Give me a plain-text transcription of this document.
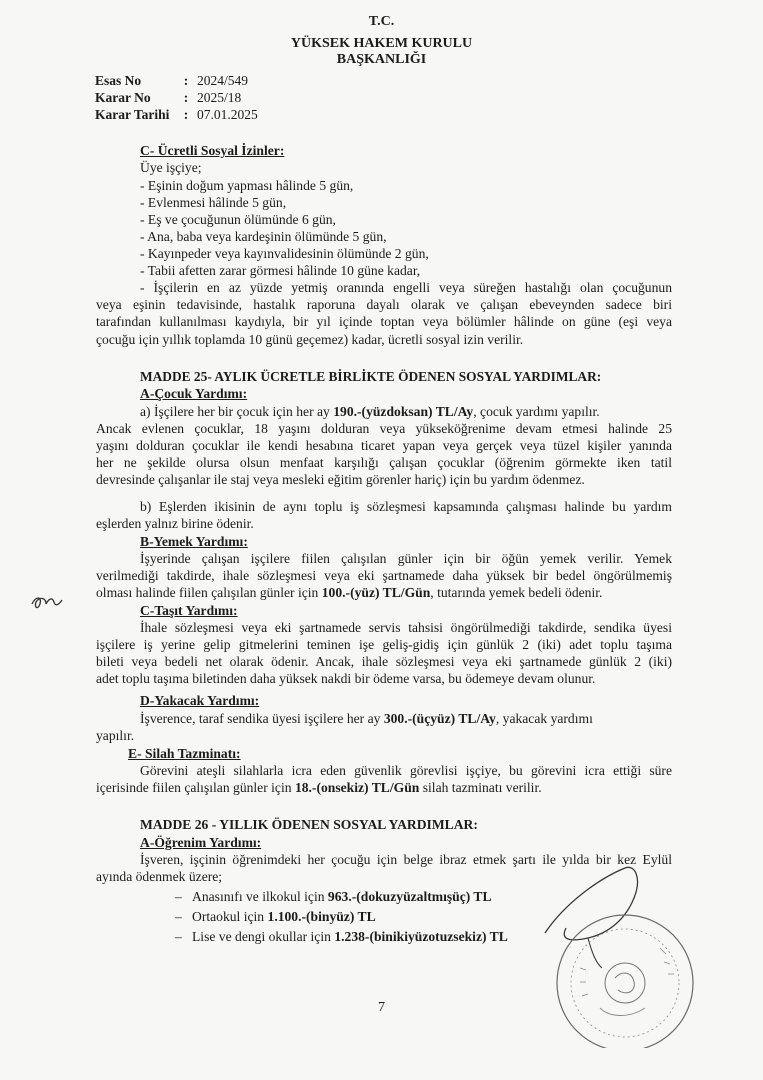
T.C.
YÜKSEK HAKEM KURULU
BAŞKANLIĞI
Esas No	: 2024/549
Karar No : 2025/18
Karar Tarihi : 07.01.2025
C- Ücretli Sosyal İzinler:
Üye işçiye;
- Eşinin doğum yapması hâlinde 5 gün,
- Evlenmesi hâlinde 5 gün,
- Eş ve çocuğunun ölümünde 6 gün,
- Ana, baba veya kardeşinin ölümünde 5 gün,
- Kayınpeder veya kayınvalidesinin ölümünde 2 gün,
- Tabii afetten zarar görmesi hâlinde 10 güne kadar,
- İşçilerin en az yüzde yetmiş oranında engelli veya süreğen hastalığı olan çocuğunun
veya eşinin tedavisinde, hastalık raporuna dayalı olarak ve çalışan ebeveynden sadece biri
tarafından kullanılması kaydıyla, bir yıl içinde toptan veya bölümler hâlinde on güne (eşi veya
çocuğu için yıllık toplamda 10 günü geçemez) kadar, ücretli sosyal izin verilir.
MADDE 25- AYLIK ÜCRETLE BİRLİKTE ÖDENEN SOSYAL YARDIMLAR:
A-Çocuk Yardımı:
a) İşçilere her bir çocuk için her ay 190.-(yüzdoksan) TL/Ay, çocuk yardımı yapılır.
Ancak evlenen çocuklar, 18 yaşını dolduran veya yükseköğrenime devam etmesi halinde 25
yaşını dolduran çocuklar ile kendi hesabına ticaret yapan veya gerçek veya tüzel kişiler yanında
her ne şekilde olursa olsun menfaat karşılığı çalışan çocuklar (öğrenim görmekte iken tatil
devresinde çalışanlar ile staj veya mesleki eğitim görenler hariç) için bu yardım ödenmez.
b) Eşlerden ikisinin de aynı toplu iş sözleşmesi kapsamında çalışması halinde bu yardım
eşlerden yalnız birine ödenir.
B-Yemek Yardımı:
İşyerinde çalışan işçilere fiilen çalışılan günler için bir öğün yemek verilir. Yemek
verilmediği takdirde, ihale sözleşmesi veya eki şartnamede daha yüksek bir bedel öngörülmemiş
olması halinde fiilen çalışılan günler için 100.-(yüz) TL/Gün, tutarında yemek bedeli ödenir.
C-Taşıt Yardımı:
İhale sözleşmesi veya eki şartnamede servis tahsisi öngörülmediği takdirde, sendika üyesi
işçilere iş yerine gelip gitmelerini teminen işe geliş-gidiş için günlük 2 (iki) adet toplu taşıma
bileti veya bedeli net olarak ödenir. Ancak, ihale sözleşmesi veya eki şartnamede günlük 2 (iki)
adet toplu taşıma biletinden daha yüksek nakdi bir ödeme varsa, bu ödemeye devam olunur.
D-Yakacak Yardımı:
İşverence, taraf sendika üyesi işçilere her ay 300.-(üçyüz) TL/Ay, yakacak yardımı
yapılır.
E- Silah Tazminatı:
Görevini ateşli silahlarla icra eden güvenlik görevlisi işçiye, bu görevini icra ettiği süre
içerisinde fiilen çalışılan günler için 18.-(onsekiz) TL/Gün silah tazminatı verilir.
MADDE 26 - YILLIK ÖDENEN SOSYAL YARDIMLAR:
A-Öğrenim Yardımı:
İşveren, işçinin öğrenimdeki her çocuğu için belge ibraz etmek şartı ile yılda bir kez Eylül
ayında ödenmek üzere;
–   Anasınıfı ve ilkokul için 963.-(dokuzyüzaltmışüç) TL
–   Ortaokul için 1.100.-(binyüz) TL
–   Lise ve dengi okullar için 1.238-(binikiyüzotuzsekiz) TL
7
